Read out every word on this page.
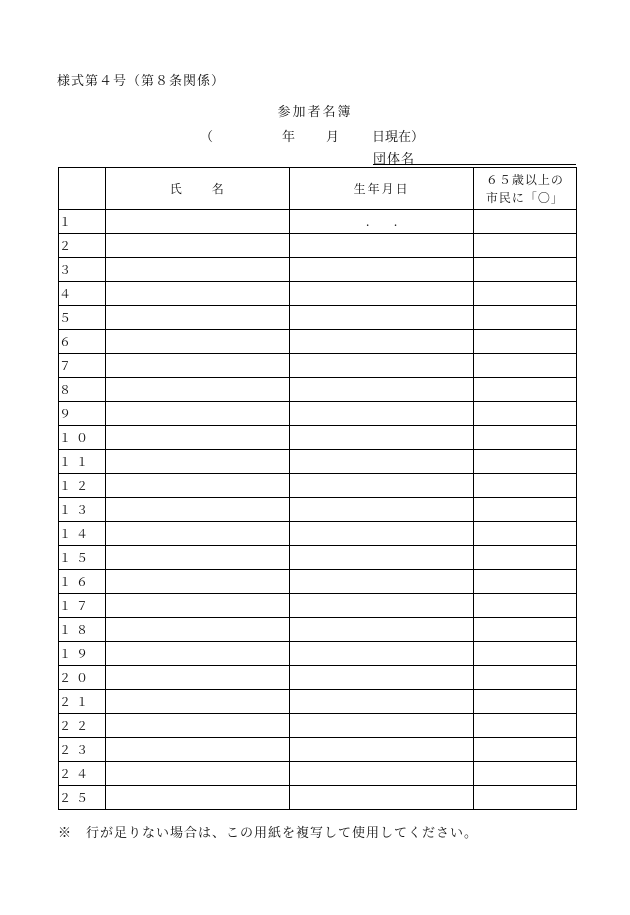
様式第４号（第８条関係）
参加者名簿
（	年 月	日現在）
団体名
	氏　　名	生年月日	６５歳以上の
市民に「〇」

１		.　　.	
２			
３			
４			
５			
６			
７			
８			
９			
１０			
１１			
１２			
１３			
１４			
１５			
１６			
１７			
１８			
１９			
２０			
２１			
２２			
２３			
２４			
２５			
※　行が足りない場合は、この用紙を複写して使用してください。
